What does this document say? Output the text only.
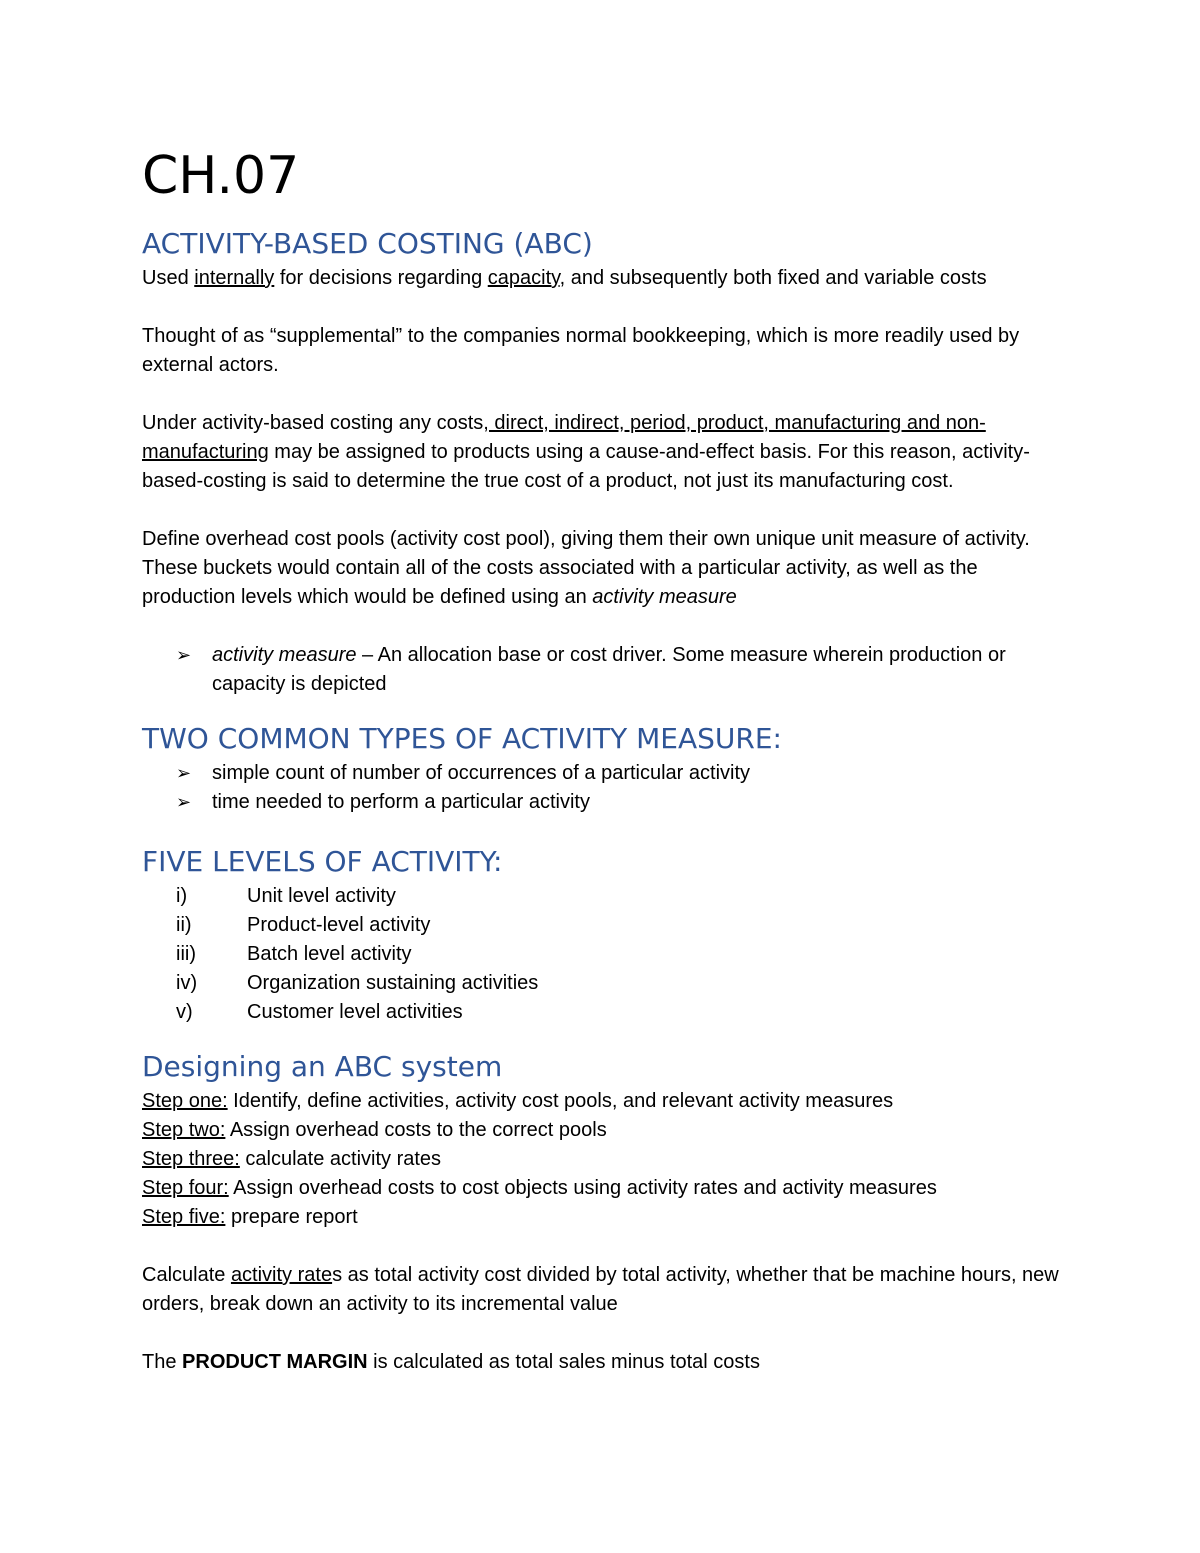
CH.07
ACTIVITY-BASED COSTING (ABC)

Used internally for decisions regarding capacity, and subsequently both fixed and variable costs

Thought of as “supplemental” to the companies normal bookkeeping, which is more readily used by external actors.

Under activity-based costing any costs, direct, indirect, period, product, manufacturing and non-manufacturing may be assigned to products using a cause-and-effect basis. For this reason, activity-based-costing is said to determine the true cost of a product, not just its manufacturing cost.

Define overhead cost pools (activity cost pool), giving them their own unique unit measure of activity. These buckets would contain all of the costs associated with a particular activity, as well as the production levels which would be defined using an activity measure

➢ activity measure – An allocation base or cost driver. Some measure wherein production or capacity is depicted
TWO COMMON TYPES OF ACTIVITY MEASURE:
➢ simple count of number of occurrences of a particular activity
➢ time needed to perform a particular activity
FIVE LEVELS OF ACTIVITY:
i)	Unit level activity
ii)	Product-level activity
iii)	Batch level activity
iv) Organization sustaining activities
v)	Customer level activities
Designing an ABC system

Step one: Identify, define activities, activity cost pools, and relevant activity measures

Step two: Assign overhead costs to the correct pools

Step three: calculate activity rates

Step four: Assign overhead costs to cost objects using activity rates and activity measures

Step five: prepare report

Calculate activity rates as total activity cost divided by total activity, whether that be machine hours, new orders, break down an activity to its incremental value

The PRODUCT MARGIN is calculated as total sales minus total costs
